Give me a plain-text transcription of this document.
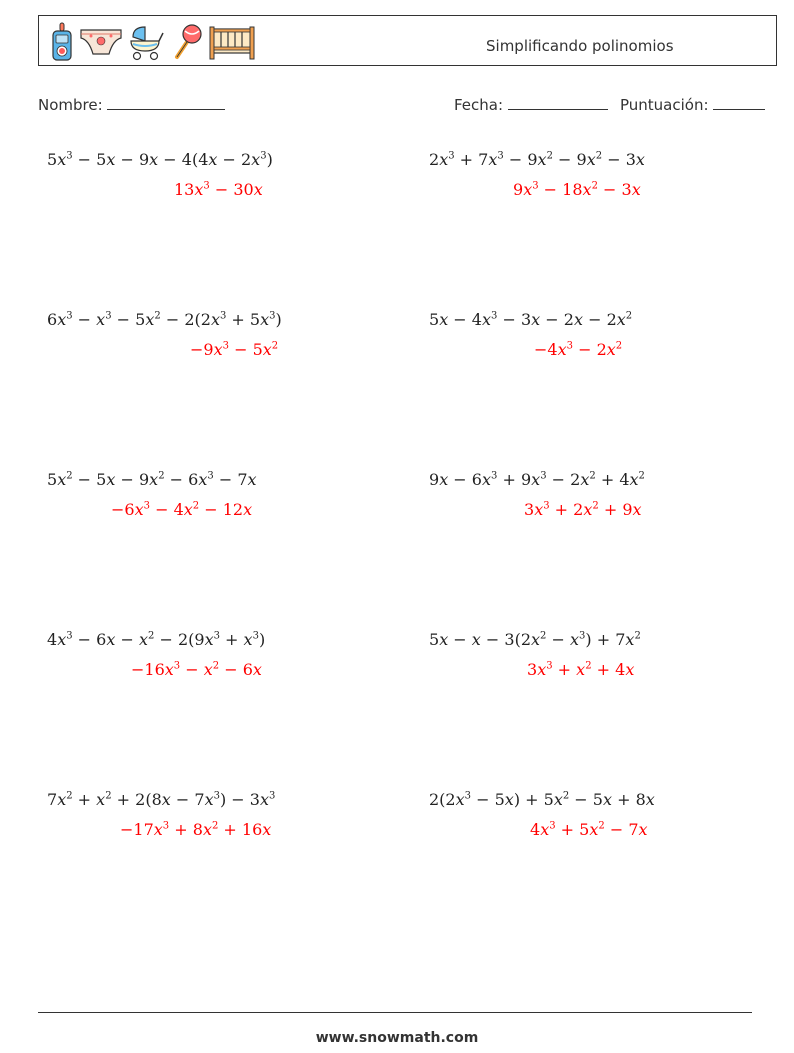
Simplificando polinomios
Nombre:	Fecha:	Puntuación:
$5x^3 - 5x - 9x - 4(4x - 2x^3)$
$13x^3 - 30x$
$2x^3 + 7x^3 - 9x^2 - 9x^2 - 3x$
$9x^3 - 18x^2 - 3x$
$6x^3 - x^3 - 5x^2 - 2(2x^3 + 5x^3)$
$-9x^3 - 5x^2$
$5x - 4x^3 - 3x - 2x - 2x^2$
$-4x^3 - 2x^2$
$5x^2 - 5x - 9x^2 - 6x^3 - 7x$
$-6x^3 - 4x^2 - 12x$
$9x - 6x^3 + 9x^3 - 2x^2 + 4x^2$
$3x^3 + 2x^2 + 9x$
$4x^3 - 6x - x^2 - 2(9x^3 + x^3)$
$-16x^3 - x^2 - 6x$
$5x - x - 3(2x^2 - x^3) + 7x^2$
$3x^3 + x^2 + 4x$
$7x^2 + x^2 + 2(8x - 7x^3) - 3x^3$
$-17x^3 + 8x^2 + 16x$
$2(2x^3 - 5x) + 5x^2 - 5x + 8x$
$4x^3 + 5x^2 - 7x$
www.snowmath.com
